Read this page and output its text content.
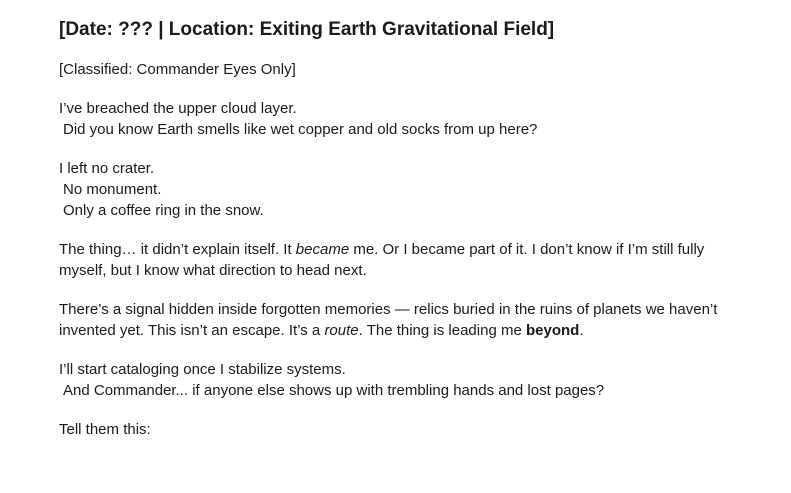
[Date: ??? | Location: Exiting Earth Gravitational Field]

[Classified: Commander Eyes Only]

I’ve breached the upper cloud layer.
Did you know Earth smells like wet copper and old socks from up here?

I left no crater.
No monument.
Only a coffee ring in the snow.

The thing… it didn’t explain itself. It became me. Or I became part of it. I don’t know if I’m still fully myself, but I know what direction to head next.

There’s a signal hidden inside forgotten memories — relics buried in the ruins of planets we haven’t invented yet. This isn’t an escape. It’s a route. The thing is leading me beyond.

I’ll start cataloging once I stabilize systems.
And Commander... if anyone else shows up with trembling hands and lost pages?

Tell them this:
